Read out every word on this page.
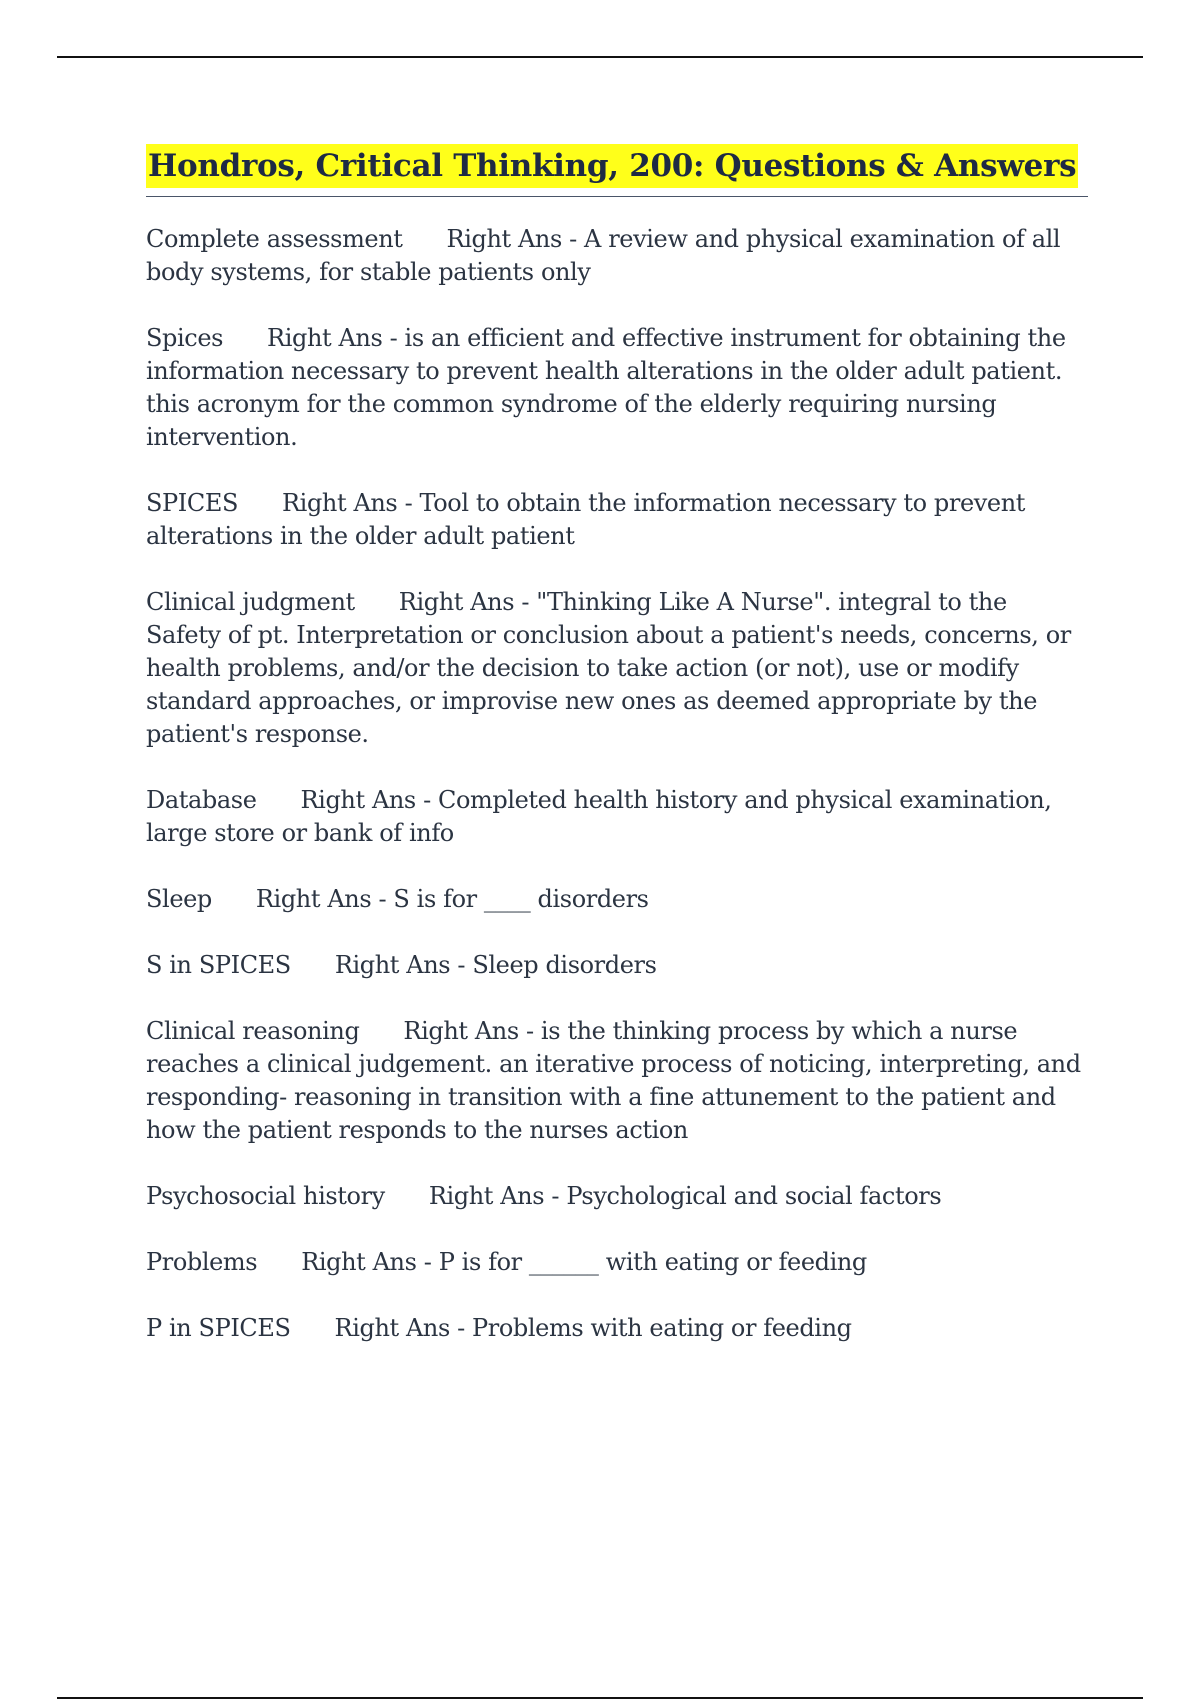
Hondros, Critical Thinking, 200: Questions & Answers
Complete assessment Right Ans - A review and physical examination of all body systems, for stable patients only
Spices Right Ans - is an efficient and effective instrument for obtaining the information necessary to prevent health alterations in the older adult patient. this acronym for the common syndrome of the elderly requiring nursing intervention.
SPICES Right Ans - Tool to obtain the information necessary to prevent alterations in the older adult patient
Clinical judgment Right Ans - "Thinking Like A Nurse". integral to the Safety of pt. Interpretation or conclusion about a patient's needs, concerns, or health problems, and/or the decision to take action (or not), use or modify standard approaches, or improvise new ones as deemed appropriate by the patient's response.
Database Right Ans - Completed health history and physical examination, large store or bank of info
Sleep Right Ans - S is for ____ disorders
S in SPICES Right Ans - Sleep disorders
Clinical reasoning Right Ans - is the thinking process by which a nurse reaches a clinical judgement. an iterative process of noticing, interpreting, and responding- reasoning in transition with a fine attunement to the patient and how the patient responds to the nurses action
Psychosocial history Right Ans - Psychological and social factors
Problems Right Ans - P is for ______ with eating or feeding
P in SPICES Right Ans - Problems with eating or feeding
